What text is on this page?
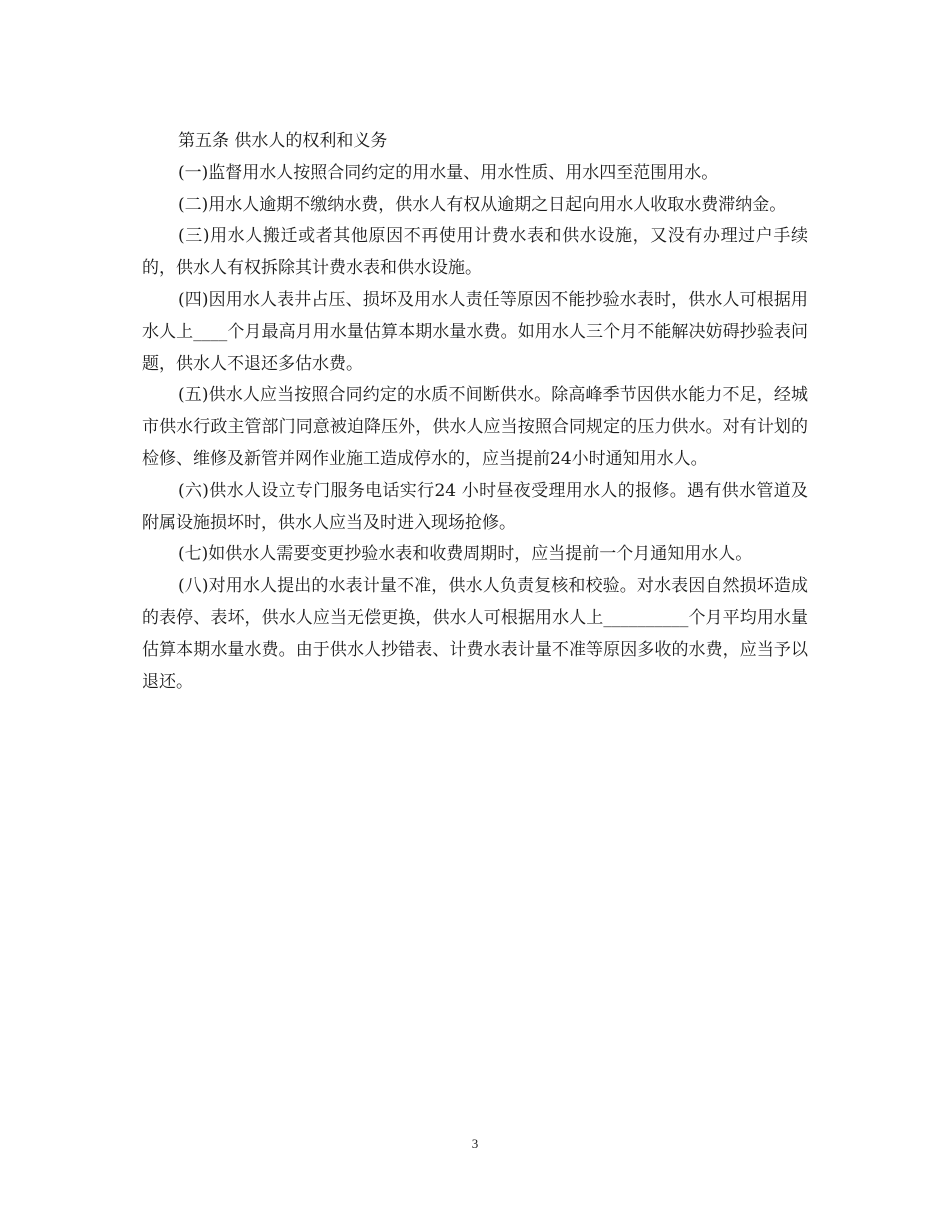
第五条 供水人的权利和义务

(一)监督用水人按照合同约定的用水量、用水性质、用水四至范围用水。

(二)用水人逾期不缴纳水费，供水人有权从逾期之日起向用水人收取水费滞纳金。

(三)用水人搬迁或者其他原因不再使用计费水表和供水设施，又没有办理过户手续的，供水人有权拆除其计费水表和供水设施。

(四)因用水人表井占压、损坏及用水人责任等原因不能抄验水表时，供水人可根据用水人上____个月最高月用水量估算本期水量水费。如用水人三个月不能解决妨碍抄验表问题，供水人不退还多估水费。

(五)供水人应当按照合同约定的水质不间断供水。除高峰季节因供水能力不足，经城市供水行政主管部门同意被迫降压外，供水人应当按照合同规定的压力供水。对有计划的检修、维修及新管并网作业施工造成停水的，应当提前24小时通知用水人。

(六)供水人设立专门服务电话实行24 小时昼夜受理用水人的报修。遇有供水管道及附属设施损坏时，供水人应当及时进入现场抢修。

(七)如供水人需要变更抄验水表和收费周期时，应当提前一个月通知用水人。

(八)对用水人提出的水表计量不准，供水人负责复核和校验。对水表因自然损坏造成的表停、表坏，供水人应当无偿更换，供水人可根据用水人上__________个月平均用水量估算本期水量水费。由于供水人抄错表、计费水表计量不准等原因多收的水费，应当予以退还。

3
